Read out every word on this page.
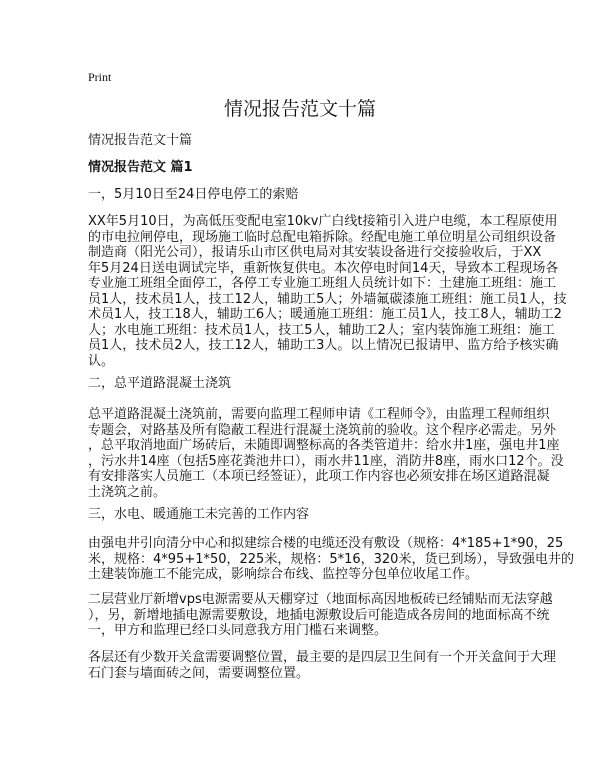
Print
情况报告范文十篇
情况报告范文十篇
情况报告范文 篇1
一，5月10日至24日停电停工的索赔
XX年5月10日，为高低压变配电室10kv广白线t接箱引入进户电缆，本工程原使用
的市电拉闸停电，现场施工临时总配电箱拆除。经配电施工单位明星公司组织设备
制造商（阳光公司），报请乐山市区供电局对其安装设备进行交接验收后，于XX
年5月24日送电调试完毕，重新恢复供电。本次停电时间14天，导致本工程现场各
专业施工班组全面停工，各停工专业施工班组人员统计如下：土建施工班组：施工
员1人，技术员1人，技工12人，辅助工5人；外墙氟碳漆施工班组：施工员1人，技
术员1人，技工18人，辅助工6人；暖通施工班组：施工员1人，技工8人，辅助工2
人；水电施工班组：技术员1人，技工5人，辅助工2人；室内装饰施工班组：施工
员1人，技术员2人，技工12人，辅助工3人。以上情况已报请甲、监方给予核实确
认。
二，总平道路混凝土浇筑
总平道路混凝土浇筑前，需要向监理工程师申请《工程师令》，由监理工程师组织
专题会，对路基及所有隐蔽工程进行混凝土浇筑前的验收。这个程序必需走。另外
，总平取消地面广场砖后，未随即调整标高的各类管道井：给水井1座，强电井1座
，污水井14座（包括5座花粪池井口），雨水井11座，消防井8座，雨水口12个。没
有安排落实人员施工（本项已经签证），此项工作内容也必须安排在场区道路混凝
土浇筑之前。
三，水电、暖通施工未完善的工作内容
由强电井引向清分中心和拟建综合楼的电缆还没有敷设（规格：4*185+1*90，25
米，规格：4*95+1*50，225米，规格：5*16，320米，货已到场），导致强电井的
土建装饰施工不能完成，影响综合布线、监控等分包单位收尾工作。
二层营业厅新增vps电源需要从天棚穿过（地面标高因地板砖已经铺贴而无法穿越
），另，新增地插电源需要敷设，地插电源敷设后可能造成各房间的地面标高不统
一，甲方和监理已经口头同意我方用门槛石来调整。
各层还有少数开关盒需要调整位置，最主要的是四层卫生间有一个开关盒间于大理
石门套与墙面砖之间，需要调整位置。
